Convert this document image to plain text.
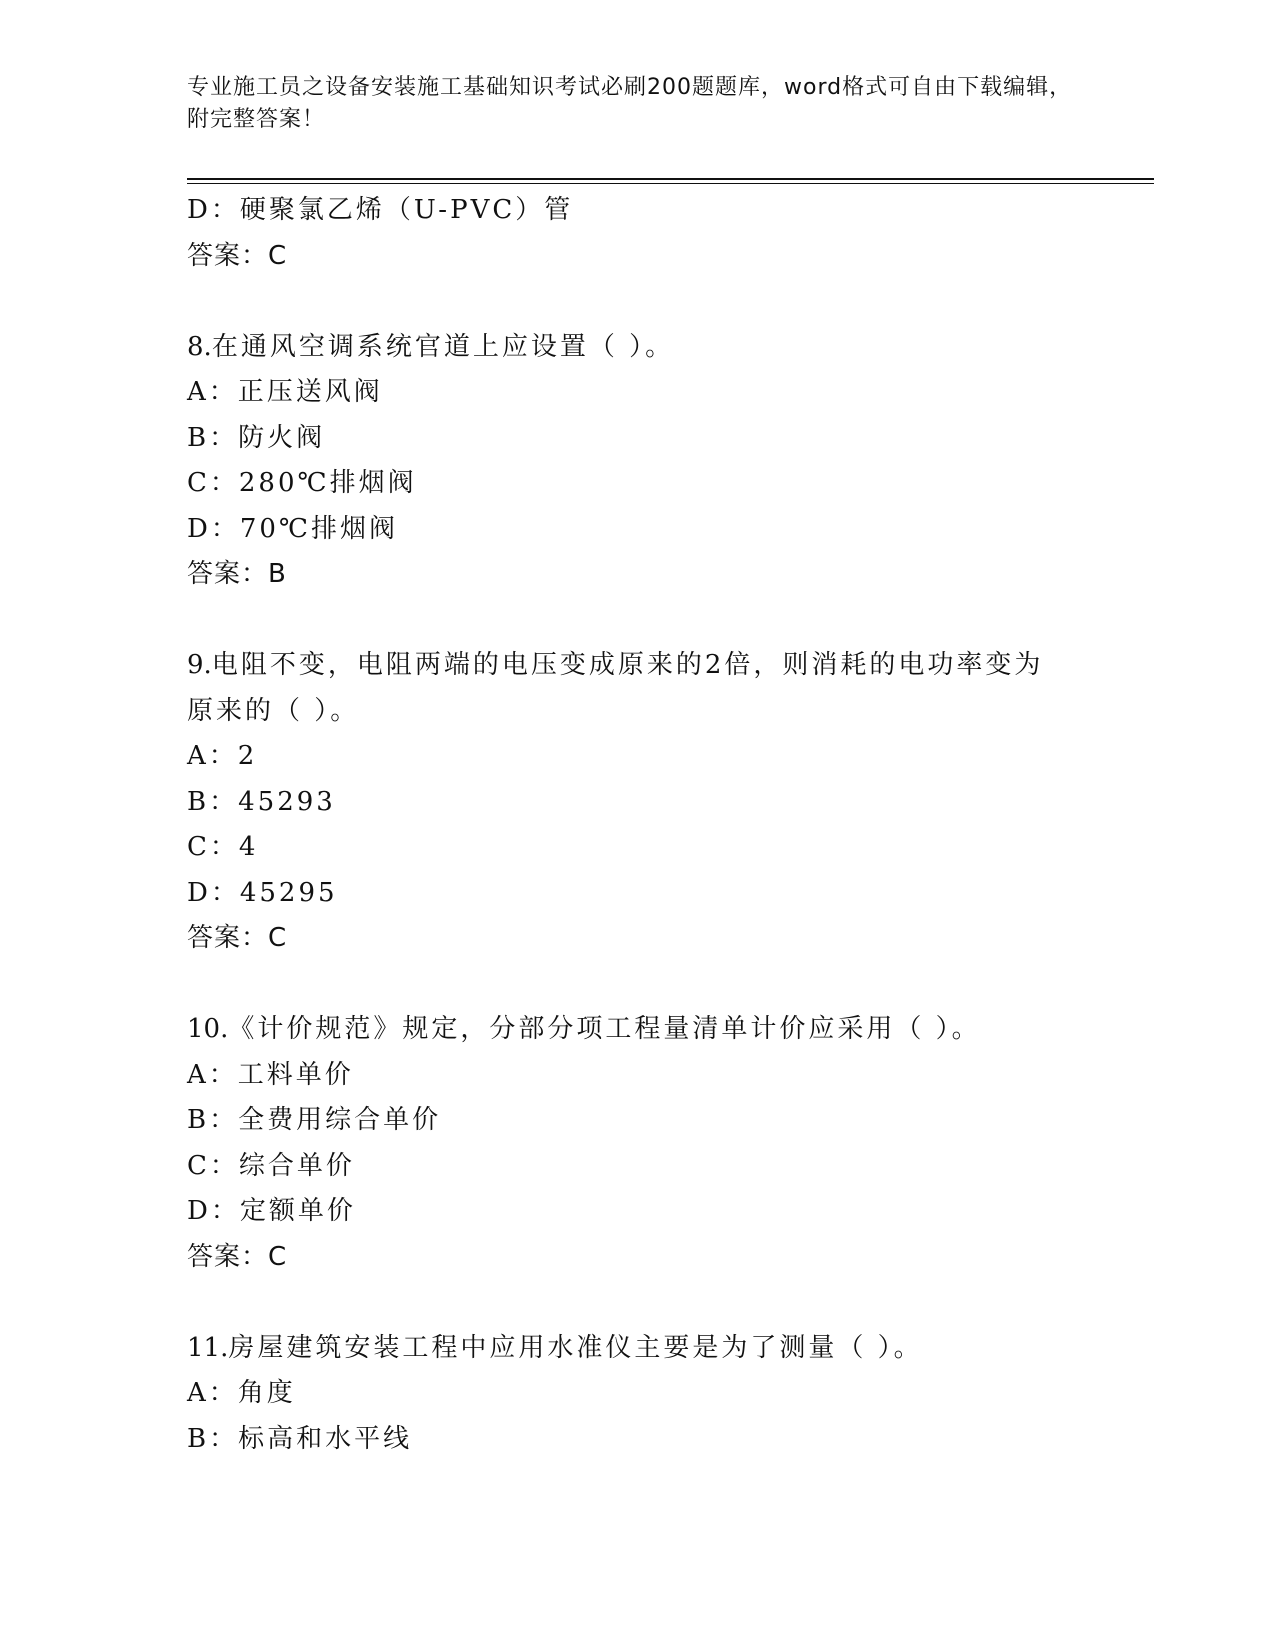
专业施工员之设备安装施工基础知识考试必刷200题题库，word格式可自由下载编辑，附完整答案！
D：硬聚氯乙烯（U-PVC）管
答案：C
8.在通风空调系统官道上应设置（ ）。
A：正压送风阀
B：防火阀
C：280℃排烟阀
D：70℃排烟阀
答案：B
9.电阻不变，电阻两端的电压变成原来的2倍，则消耗的电功率变为
原来的（ ）。
A：2
B：45293
C：4
D：45295
答案：C
10.《计价规范》规定，分部分项工程量清单计价应采用（ ）。
A：工料单价
B：全费用综合单价
C：综合单价
D：定额单价
答案：C
11.房屋建筑安装工程中应用水准仪主要是为了测量（ ）。
A：角度
B：标高和水平线
